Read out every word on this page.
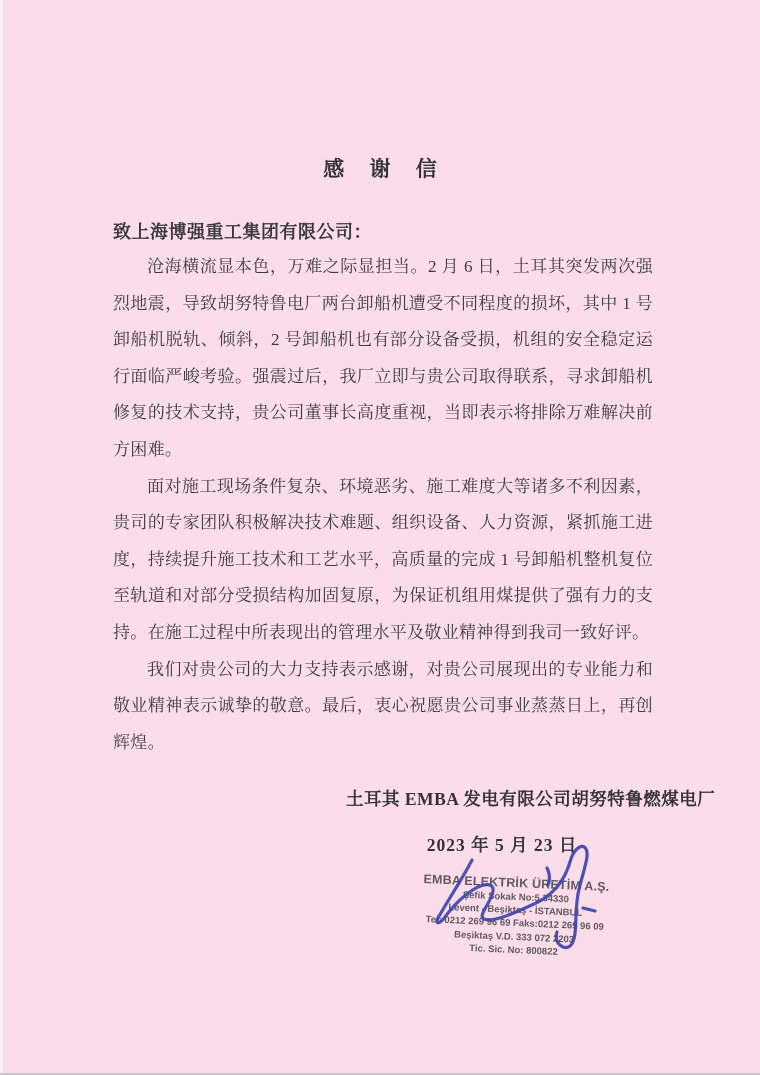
感 谢 信
致上海博强重工集团有限公司：

沧海横流显本色，万难之际显担当。2 月 6 日，土耳其突发两次强烈地震，导致胡努特鲁电厂两台卸船机遭受不同程度的损坏，其中 1 号卸船机脱轨、倾斜，2 号卸船机也有部分设备受损，机组的安全稳定运行面临严峻考验。强震过后，我厂立即与贵公司取得联系，寻求卸船机修复的技术支持，贵公司董事长高度重视，当即表示将排除万难解决前方困难。

面对施工现场条件复杂、环境恶劣、施工难度大等诸多不利因素，贵司的专家团队积极解决技术难题、组织设备、人力资源，紧抓施工进度，持续提升施工技术和工艺水平，高质量的完成 1 号卸船机整机复位至轨道和对部分受损结构加固复原，为保证机组用煤提供了强有力的支持。在施工过程中所表现出的管理水平及敬业精神得到我司一致好评。

我们对贵公司的大力支持表示感谢，对贵公司展现出的专业能力和敬业精神表示诚挚的敬意。最后，衷心祝愿贵公司事业蒸蒸日上，再创辉煌。

土耳其 EMBA 发电有限公司胡努特鲁燃煤电厂
2023 年 5 月 23 日
EMBA ELEKTRİK ÜRETİM A.Ş.
Şefik Sokak No:5 34330
Levent - Beşiktaş - İSTANBUL
Tel: 0212 269 96 69 Faks:0212 269 96 09
Beşiktaş V.D. 333 072 2203
Tic. Sic. No: 800822
